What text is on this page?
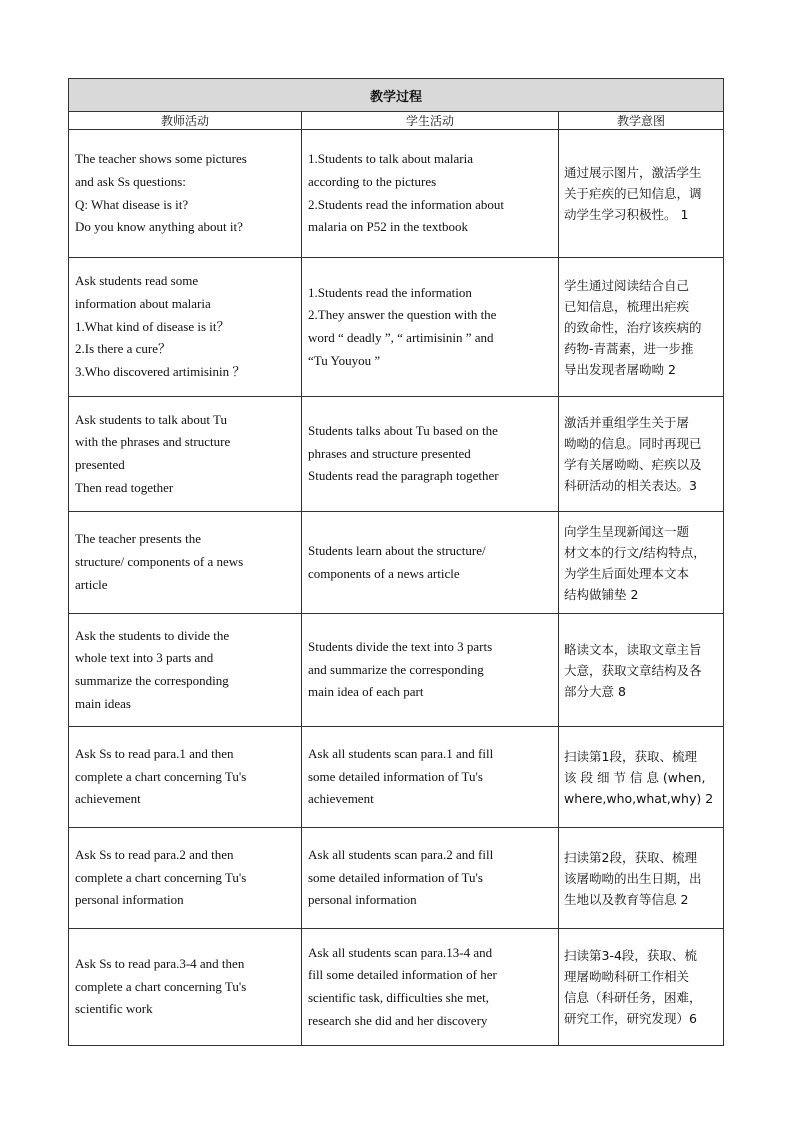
教学过程		
教师活动	学生活动	教学意图

The teacher shows some pictures
and ask Ss questions:
Q: What disease is it?
Do you know anything about it?	1.Students to talk about malaria
according to the pictures
2.Students read the information about
malaria on P52 in the textbook	通过展示图片，激活学生
关于疟疾的已知信息，调
动学生学习积极性。 1

Ask students read some
information about malaria
1.What kind of disease is it？
2.Is there a cure？
3.Who discovered artimisinin ？	1.Students read the information
2.They answer the question with the
word “ deadly ”, “ artimisinin ” and
“Tu Youyou ”	学生通过阅读结合自己
已知信息，梳理出疟疾
的致命性，治疗该疾病的
药物-青蒿素，进一步推
导出发现者屠呦呦 2

Ask students to talk about Tu
with the phrases and structure
presented
Then read together	Students talks about Tu based on the
phrases and structure presented
Students read the paragraph together	激活并重组学生关于屠
呦呦的信息。同时再现已
学有关屠呦呦、疟疾以及
科研活动的相关表达。3

The teacher presents the
structure/ components of a news
article	Students learn about the structure/
components of a news article	向学生呈现新闻这一题
材文本的行文/结构特点，
为学生后面处理本文本
结构做铺垫 2

Ask the students to divide the
whole text into 3 parts and
summarize the corresponding
main ideas	Students divide the text into 3 parts
and summarize the corresponding
main idea of each part	略读文本，读取文章主旨
大意，获取文章结构及各
部分大意 8

Ask Ss to read para.1 and then
complete a chart concerning Tu's
achievement	Ask all students scan para.1 and fill
some detailed information of Tu's
achievement	扫读第1段，获取、梳理
该 段 细 节 信 息 (when,
where,who,what,why) 2

Ask Ss to read para.2 and then
complete a chart concerning Tu's
personal information	Ask all students scan para.2 and fill
some detailed information of Tu's
personal information	扫读第2段，获取、梳理
该屠呦呦的出生日期，出
生地以及教育等信息 2

Ask Ss to read para.3-4 and then
complete a chart concerning Tu's
scientific work	Ask all students scan para.13-4 and
fill some detailed information of her
scientific task, difficulties she met,
research she did and her discovery	扫读第3-4段，获取、梳
理屠呦呦科研工作相关
信息（科研任务，困难，
研究工作，研究发现）6
